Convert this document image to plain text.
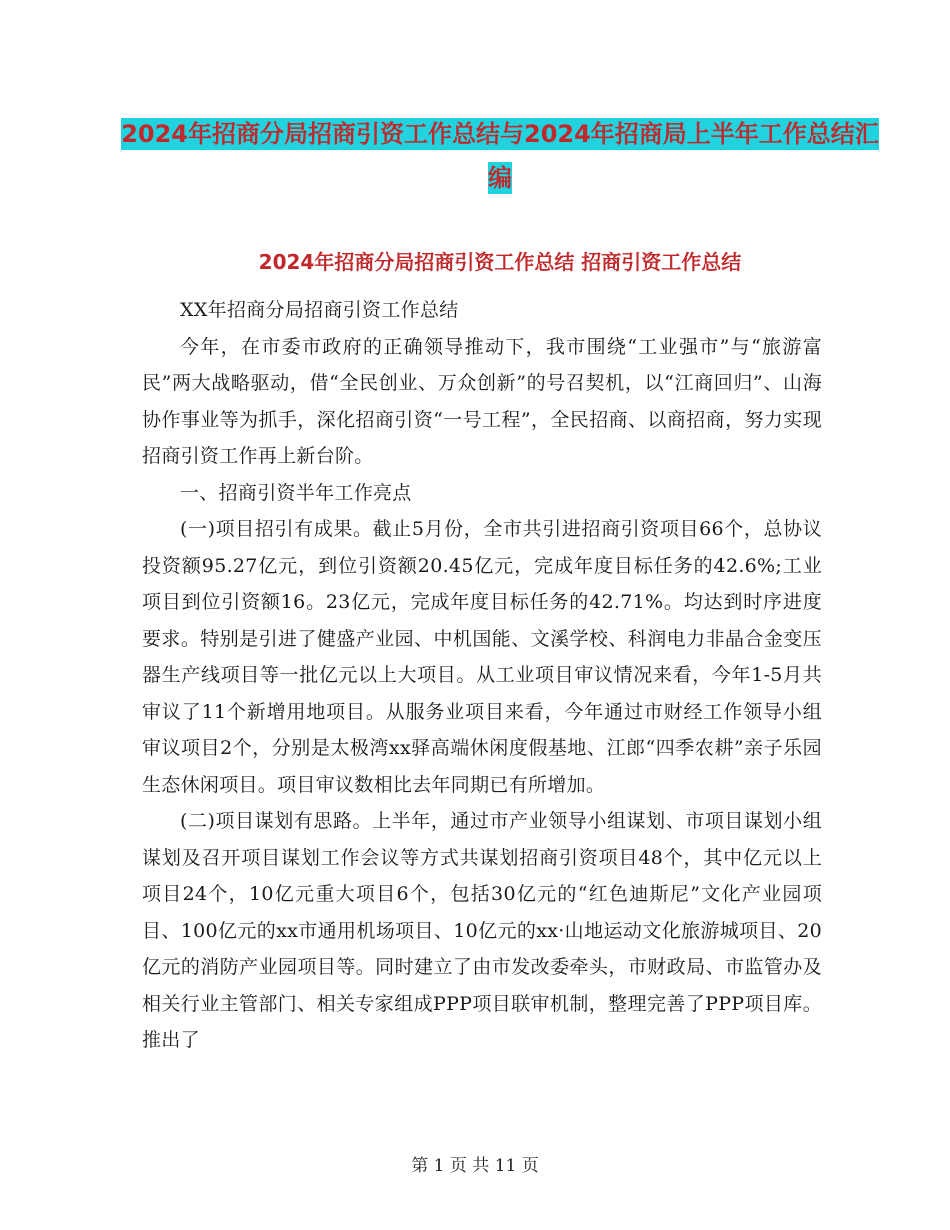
2024年招商分局招商引资工作总结与2024年招商局上半年工作总结汇编
2024年招商分局招商引资工作总结 招商引资工作总结

XX年招商分局招商引资工作总结

今年，在市委市政府的正确领导推动下，我市围绕“工业强市”与“旅游富民”两大战略驱动，借“全民创业、万众创新”的号召契机，以“江商回归”、山海协作事业等为抓手，深化招商引资“一号工程”，全民招商、以商招商，努力实现招商引资工作再上新台阶。

一、招商引资半年工作亮点

(一)项目招引有成果。截止5月份，全市共引进招商引资项目66个，总协议投资额95.27亿元，到位引资额20.45亿元，完成年度目标任务的42.6%;工业项目到位引资额16。23亿元，完成年度目标任务的42.71%。均达到时序进度要求。特别是引进了健盛产业园、中机国能、文溪学校、科润电力非晶合金变压器生产线项目等一批亿元以上大项目。从工业项目审议情况来看，今年1-5月共审议了11个新增用地项目。从服务业项目来看，今年通过市财经工作领导小组审议项目2个，分别是太极湾xx驿高端休闲度假基地、江郎“四季农耕”亲子乐园生态休闲项目。项目审议数相比去年同期已有所增加。

(二)项目谋划有思路。上半年，通过市产业领导小组谋划、市项目谋划小组谋划及召开项目谋划工作会议等方式共谋划招商引资项目48个，其中亿元以上项目24个，10亿元重大项目6个，包括30亿元的“红色迪斯尼”文化产业园项目、100亿元的xx市通用机场项目、10亿元的xx·山地运动文化旅游城项目、20亿元的消防产业园项目等。同时建立了由市发改委牵头，市财政局、市监管办及相关行业主管部门、相关专家组成PPP项目联审机制，整理完善了PPP项目库。推出了

第 1 页 共 11 页
